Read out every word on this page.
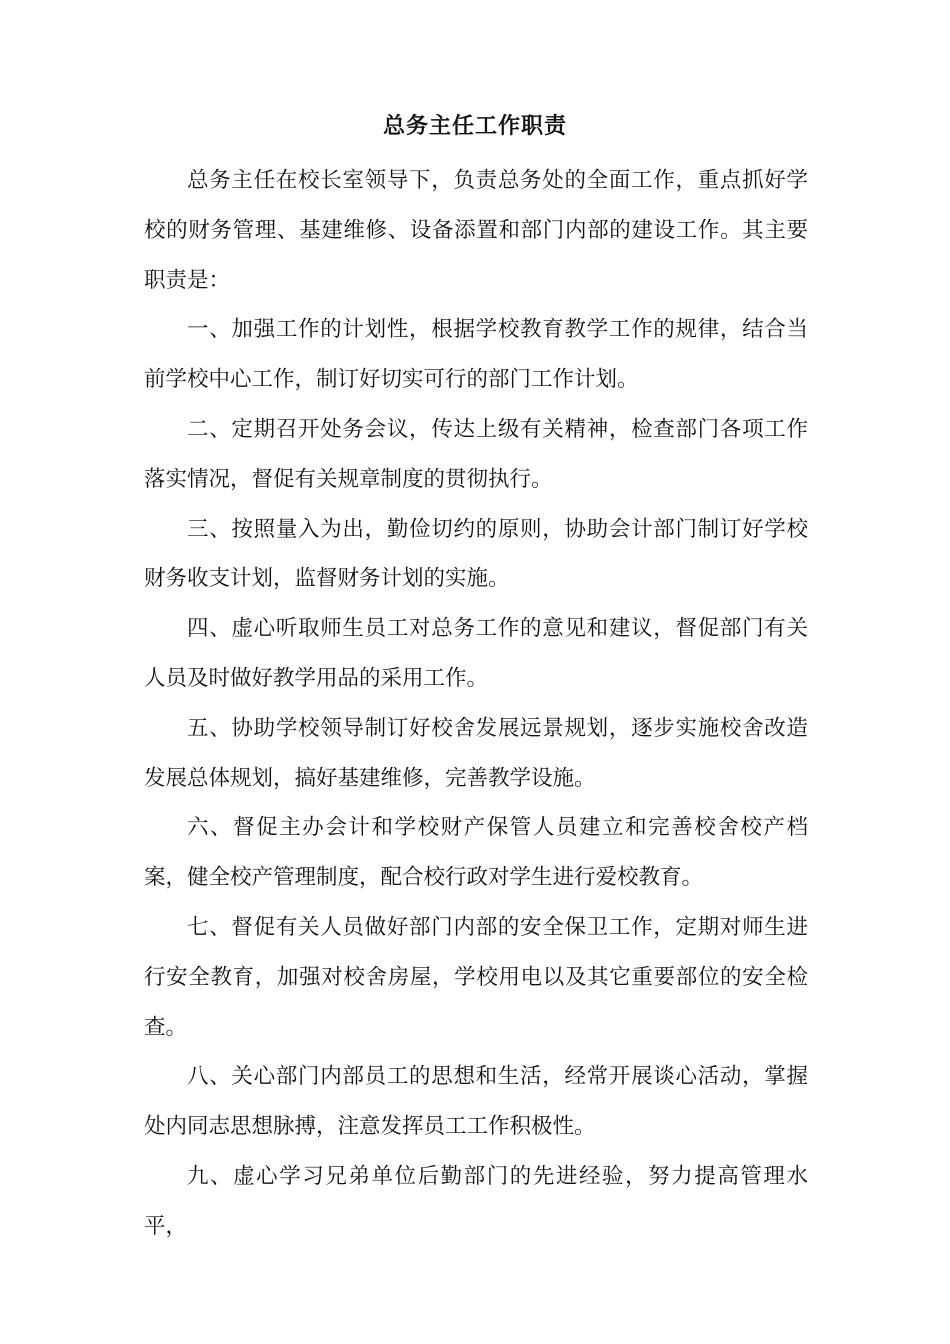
总务主任工作职责

总务主任在校长室领导下，负责总务处的全面工作，重点抓好学校的财务管理、基建维修、设备添置和部门内部的建设工作。其主要职责是：

一、加强工作的计划性，根据学校教育教学工作的规律，结合当前学校中心工作，制订好切实可行的部门工作计划。

二、定期召开处务会议，传达上级有关精神，检查部门各项工作落实情况，督促有关规章制度的贯彻执行。

三、按照量入为出，勤俭切约的原则，协助会计部门制订好学校财务收支计划，监督财务计划的实施。

四、虚心听取师生员工对总务工作的意见和建议，督促部门有关人员及时做好教学用品的采用工作。

五、协助学校领导制订好校舍发展远景规划，逐步实施校舍改造发展总体规划，搞好基建维修，完善教学设施。

六、督促主办会计和学校财产保管人员建立和完善校舍校产档案，健全校产管理制度，配合校行政对学生进行爱校教育。

七、督促有关人员做好部门内部的安全保卫工作，定期对师生进行安全教育，加强对校舍房屋，学校用电以及其它重要部位的安全检查。

八、关心部门内部员工的思想和生活，经常开展谈心活动，掌握处内同志思想脉搏，注意发挥员工工作积极性。

九、虚心学习兄弟单位后勤部门的先进经验，努力提高管理水平，
